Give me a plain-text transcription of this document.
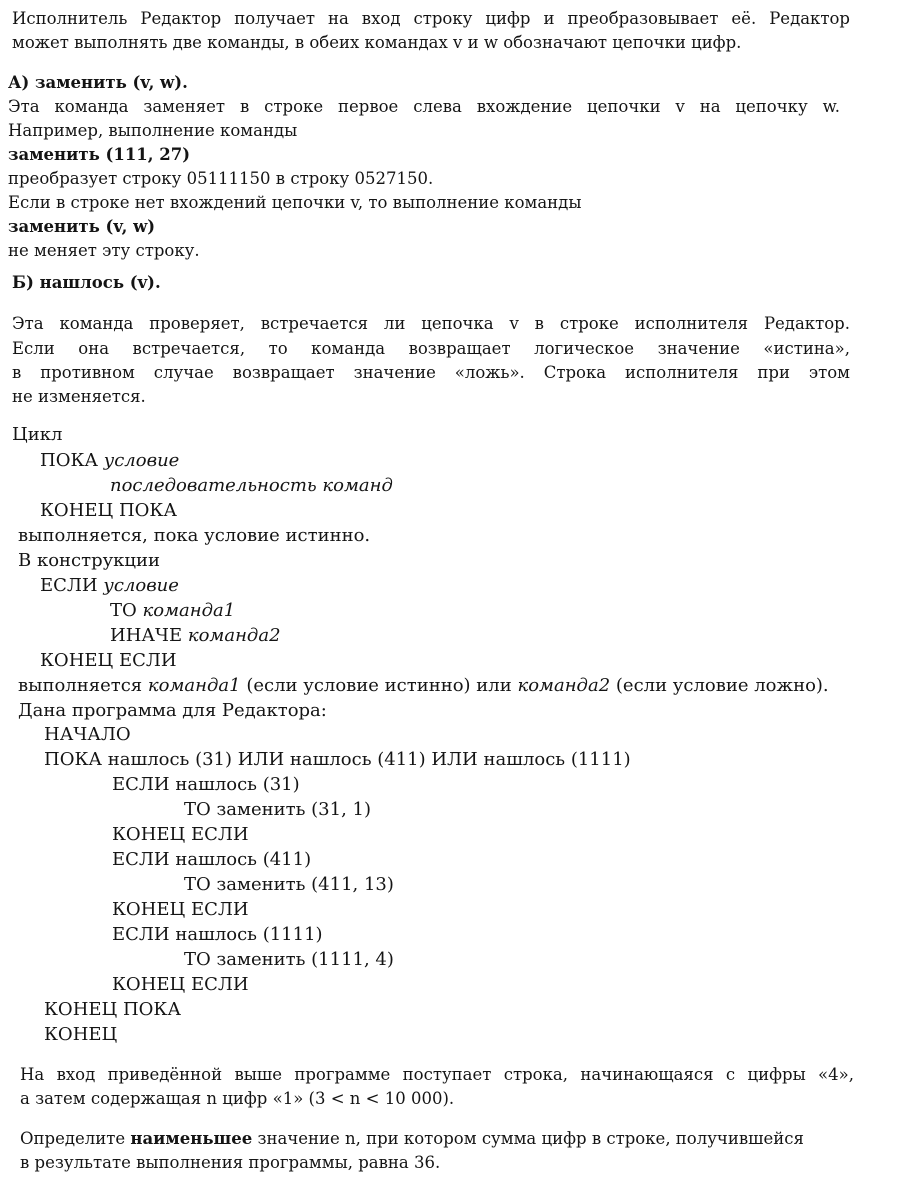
Исполнитель Редактор получает на вход строку цифр и преобразовывает её. Редактор
может выполнять две команды, в обеих командах v и w обозначают цепочки цифр.
А) заменить (v, w).
Эта команда заменяет в строке первое слева вхождение цепочки v на цепочку w.
Например, выполнение команды
заменить (111, 27)
преобразует строку 05111150 в строку 0527150.
Если в строке нет вхождений цепочки v, то выполнение команды
заменить (v, w)
не меняет эту строку.
Б) нашлось (v).
Эта команда проверяет, встречается ли цепочка v в строке исполнителя Редактор.
Если она встречается, то команда возвращает логическое значение «истина»,
в противном случае возвращает значение «ложь». Строка исполнителя при этом
не изменяется.
Цикл
ПОКА условие
последовательность команд
КОНЕЦ ПОКА
выполняется, пока условие истинно.
В конструкции
ЕСЛИ условие
ТО команда1
ИНАЧЕ команда2
КОНЕЦ ЕСЛИ
выполняется команда1 (если условие истинно) или команда2 (если условие ложно).
Дана программа для Редактора:
НАЧАЛО
ПОКА нашлось (31) ИЛИ нашлось (411) ИЛИ нашлось (1111)
ЕСЛИ нашлось (31)
ТО заменить (31, 1)
КОНЕЦ ЕСЛИ
ЕСЛИ нашлось (411)
ТО заменить (411, 13)
КОНЕЦ ЕСЛИ
ЕСЛИ нашлось (1111)
ТО заменить (1111, 4)
КОНЕЦ ЕСЛИ
КОНЕЦ ПОКА
КОНЕЦ
На вход приведённой выше программе поступает строка, начинающаяся с цифры «4»,
а затем содержащая n цифр «1» (3 < n < 10 000).
Определите наименьшее значение n, при котором сумма цифр в строке, получившейся
в результате выполнения программы, равна 36.
